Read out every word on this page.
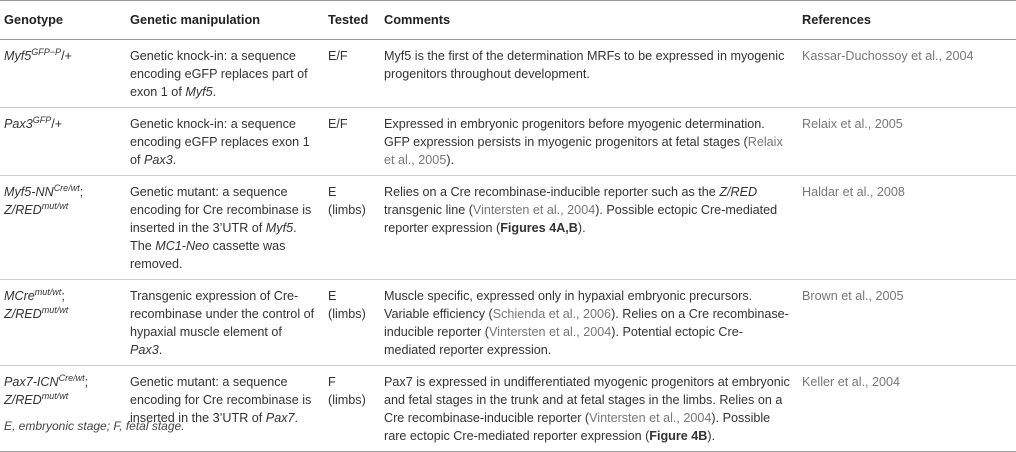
Genotype	Genetic manipulation	Tested	Comments	References
$Myf5^{GFP-P}/+$	Genetic knock-in: a sequence encoding eGFP replaces part of exon 1 of Myf5.	E/F	Myf5 is the first of the determination MRFs to be expressed in myogenic progenitors throughout development.	Kassar-Duchossoy et al., 2004
$Pax3^{GFP}/+$	Genetic knock-in: a sequence encoding eGFP replaces exon 1 of Pax3.	E/F	Expressed in embryonic progenitors before myogenic determination. GFP expression persists in myogenic progenitors at fetal stages (Relaix et al., 2005).	Relaix et al., 2005
$Myf5-NN^{Cre/wt}$;
$Z/RED^{mut/wt}$	Genetic mutant: a sequence encoding for Cre recombinase is inserted in the 3’UTR of Myf5. The MC1-Neo cassette was removed.	E (limbs)	Relies on a Cre recombinase-inducible reporter such as the Z/RED transgenic line (Vintersten et al., 2004). Possible ectopic Cre-mediated reporter expression (Figures 4A,B).	Haldar et al., 2008
MCre$^{mut/wt}$;
$Z/RED^{mut/wt}$	Transgenic expression of Cre-recombinase under the control of hypaxial muscle element of Pax3.	E (limbs)	Muscle specific, expressed only in hypaxial embryonic precursors. Variable efficiency (Schienda et al., 2006). Relies on a Cre recombinase-inducible reporter (Vintersten et al., 2004). Potential ectopic Cre-mediated reporter expression.	Brown et al., 2005
$Pax7-ICN^{Cre/wt}$;
$Z/RED^{mut/wt}$	Genetic mutant: a sequence encoding for Cre recombinase is inserted in the 3’UTR of Pax7.	F (limbs)	Pax7 is expressed in undifferentiated myogenic progenitors at embryonic and fetal stages in the trunk and at fetal stages in the limbs. Relies on a Cre recombinase-inducible reporter (Vintersten et al., 2004). Possible rare ectopic Cre-mediated reporter expression (Figure 4B).	Keller et al., 2004
E, embryonic stage; F, fetal stage.
